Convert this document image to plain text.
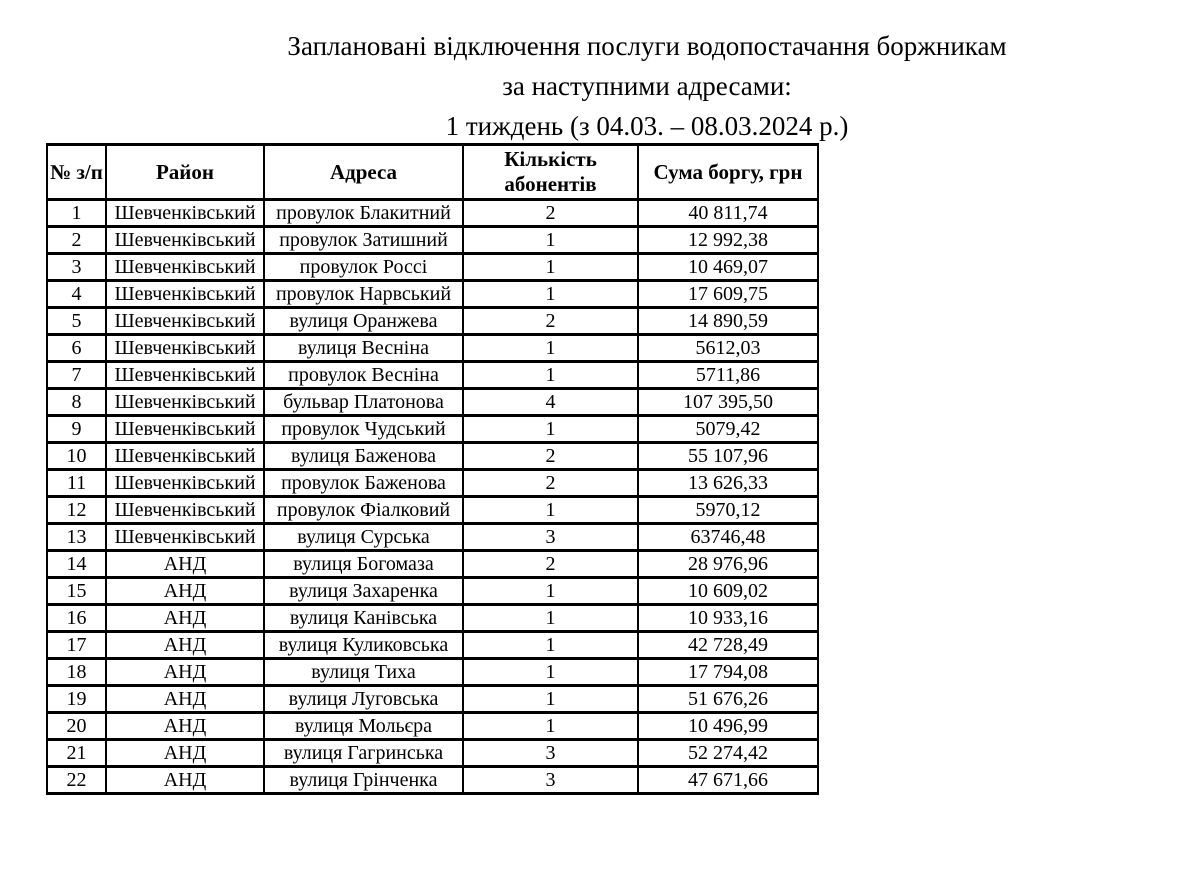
Заплановані відключення послуги водопостачання боржникам
за наступними адресами:
1 тиждень (з 04.03. – 08.03.2024 р.)
№ з/п	Район	Адреса	Кількість абонентів	Сума боргу, грн
1	Шевченківський	провулок Блакитний	2	40 811,74
2	Шевченківський	провулок Затишний	1	12 992,38
3	Шевченківський	провулок Россі	1	10 469,07
4	Шевченківський	провулок Нарвський	1	17 609,75
5	Шевченківський	вулиця Оранжева	2	14 890,59
6	Шевченківський	вулиця Весніна	1	5612,03
7	Шевченківський	провулок Весніна	1	5711,86
8	Шевченківський	бульвар Платонова	4	107 395,50
9	Шевченківський	провулок Чудський	1	5079,42
10	Шевченківський	вулиця Баженова	2	55 107,96
11	Шевченківський	провулок Баженова	2	13 626,33
12	Шевченківський	провулок Фіалковий	1	5970,12
13	Шевченківський	вулиця Сурська	3	63746,48
14	АНД	вулиця Богомаза	2	28 976,96
15	АНД	вулиця Захаренка	1	10 609,02
16	АНД	вулиця Канівська	1	10 933,16
17	АНД	вулиця Куликовська	1	42 728,49
18	АНД	вулиця Тиха	1	17 794,08
19	АНД	вулиця Луговська	1	51 676,26
20	АНД	вулиця Мольєра	1	10 496,99
21	АНД	вулиця Гагринська	3	52 274,42
22	АНД	вулиця Грінченка	3	47 671,66
